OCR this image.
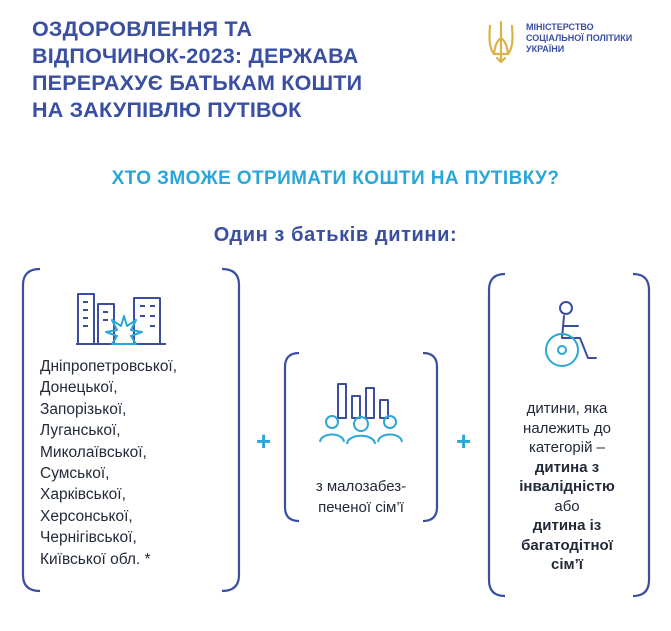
ОЗДОРОВЛЕННЯ ТА
ВІДПОЧИНОК-2023: ДЕРЖАВА
ПЕРЕРАХУЄ БАТЬКАМ КОШТИ
НА ЗАКУПІВЛЮ ПУТІВОК
МІНІСТЕРСТВО
СОЦІАЛЬНОЇ ПОЛІТИКИ
УКРАЇНИ

ХТО ЗМОЖЕ ОТРИМАТИ КОШТИ НА ПУТІВКУ?

Один з батьків дитини:

Дніпропетровської,
Донецької,
Запорізької,
Луганської,
Миколаївської,
Сумської,
Харківської,
Херсонської,
Чернігівської,
Київської обл. *
+
з малозабез-
печеної сім’ї
+
дитини, яка
належить до
категорій –
дитина з
інвалідністю
або
дитина із
багатодітної
сім’ї
